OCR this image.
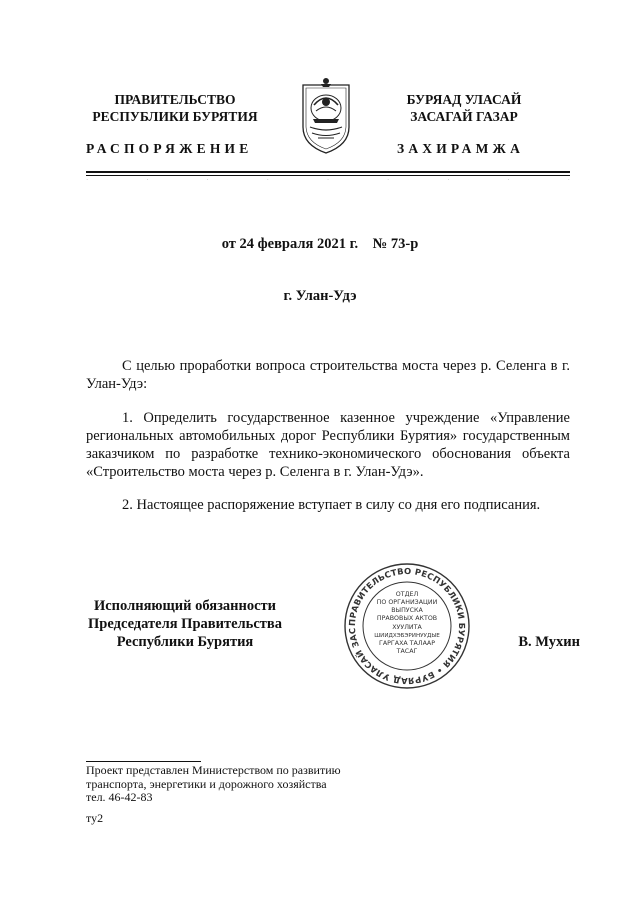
ПРАВИТЕЛЬСТВО
РЕСПУБЛИКИ БУРЯТИЯ
БУРЯАД УЛАСАЙ
ЗАСАГАЙ ГАЗАР
РАСПОРЯЖЕНИЕ	ЗАХИРАМЖА
·	·	·	·	·	·	·	·	·
от 24 февраля 2021 г.    № 73-р
г. Улан-Удэ
С целью проработки вопроса строительства моста через р. Селенга в г. Улан-Удэ:
1. Определить государственное казенное учреждение «Управление региональных автомобильных дорог Республики Бурятия» государственным заказчиком по разработке технико-экономического обоснования объекта «Строительство моста через р. Селенга в г. Улан-Удэ».
2. Настоящее распоряжение вступает в силу со дня его подписания.
Исполняющий обязанности
Председателя Правительства
Республики Бурятия	В. Мухин
ПРАВИТЕЛЬСТВО РЕСПУБЛИКИ БУРЯТИЯ • БУРЯАД УЛАСАЙ ЗАС
ОТДЕЛ
ПО ОРГАНИЗАЦИИ
ВЫПУСКА
ПРАВОВЫХ АКТОВ
ХУУЛИТА
ШИИДХЭБЭРИНУУДЫЕ
ГАРГАХА ТАЛААР
ТАСАГ
Проект представлен Министерством по развитию
транспорта, энергетики и дорожного хозяйства
тел. 46-42-83
ту2
